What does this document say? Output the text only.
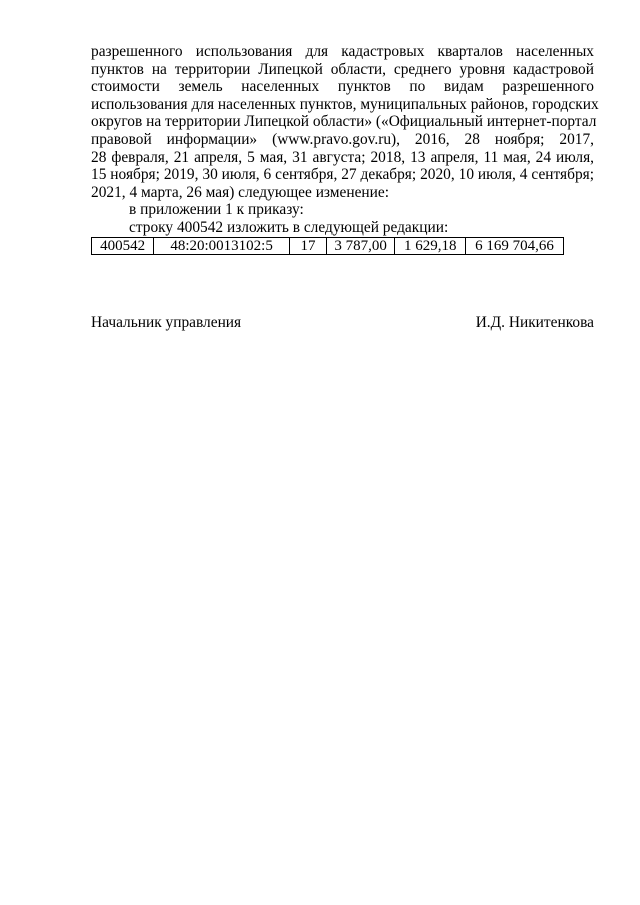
разрешенного использования для кадастровых кварталов населенных
пунктов на территории Липецкой области, среднего уровня кадастровой
стоимости земель населенных пунктов по видам разрешенного
использования для населенных пунктов, муниципальных районов, городских
округов на территории Липецкой области» («Официальный интернет-портал
правовой информации» (www.pravo.gov.ru), 2016, 28 ноября; 2017,
28 февраля, 21 апреля, 5 мая, 31 августа; 2018, 13 апреля, 11 мая, 24 июля,
15 ноября; 2019, 30 июля, 6 сентября, 27 декабря; 2020, 10 июля, 4 сентября;
2021, 4 марта, 26 мая) следующее изменение:

в приложении 1 к приказу:

строку 400542 изложить в следующей редакции:

400542	48:20:0013102:5	17	3 787,00	1 629,18	6 169 704,66
Начальник управления	И.Д. Никитенкова
